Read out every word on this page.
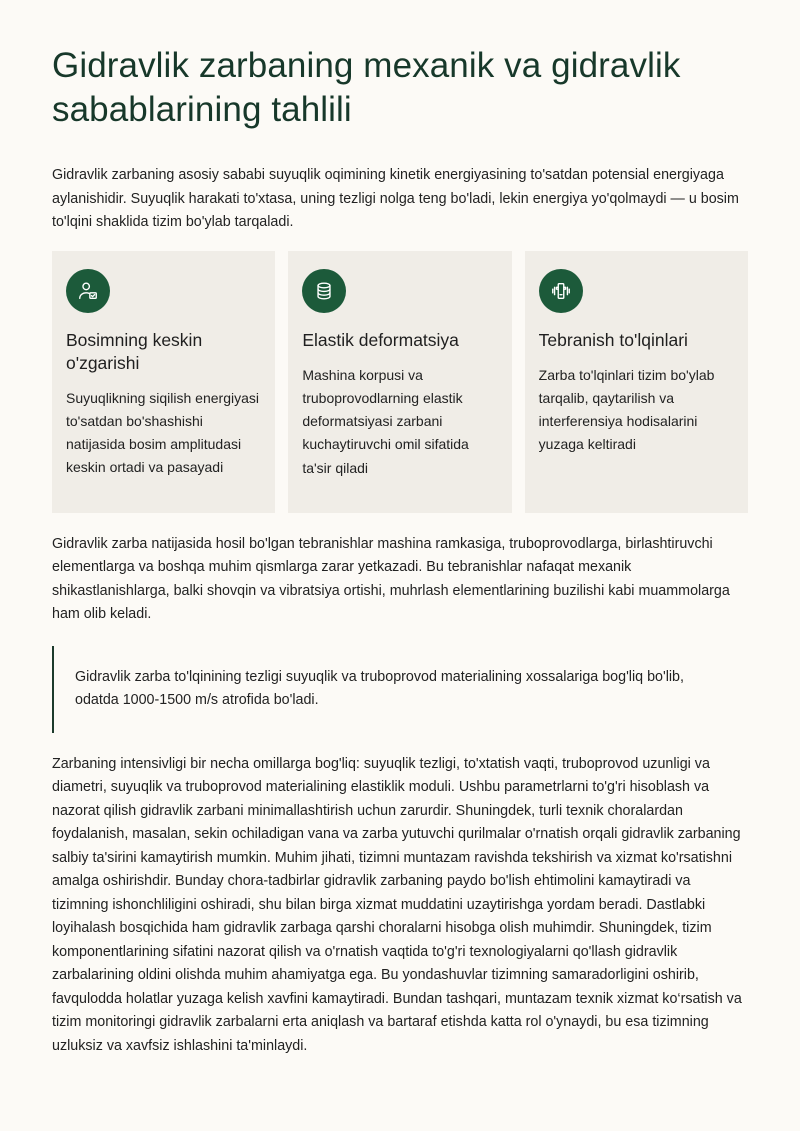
Gidravlik zarbaning mexanik va gidravlik sabablarining tahlili

Gidravlik zarbaning asosiy sababi suyuqlik oqimining kinetik energiyasining to'satdan potensial energiyaga aylanishidir. Suyuqlik harakati to'xtasa, uning tezligi nolga teng bo'ladi, lekin energiya yo'qolmaydi — u bosim to'lqini shaklida tizim bo'ylab tarqaladi.

Bosimning keskin o'zgarishi
Suyuqlikning siqilish energiyasi to'satdan bo'shashishi natijasida bosim amplitudasi keskin ortadi va pasayadi
Elastik deformatsiya
Mashina korpusi va truboprovodlarning elastik deformatsiyasi zarbani kuchaytiruvchi omil sifatida ta'sir qiladi
Tebranish to'lqinlari
Zarba to'lqinlari tizim bo'ylab tarqalib, qaytarilish va interferensiya hodisalarini yuzaga keltiradi

Gidravlik zarba natijasida hosil bo'lgan tebranishlar mashina ramkasiga, truboprovodlarga, birlashtiruvchi elementlarga va boshqa muhim qismlarga zarar yetkazadi. Bu tebranishlar nafaqat mexanik shikastlanishlarga, balki shovqin va vibratsiya ortishi, muhrlash elementlarining buzilishi kabi muammolarga ham olib keladi.

Gidravlik zarba to'lqinining tezligi suyuqlik va truboprovod materialining xossalariga bog'liq bo'lib, odatda 1000-1500 m/s atrofida bo'ladi.

Zarbaning intensivligi bir necha omillarga bog'liq: suyuqlik tezligi, to'xtatish vaqti, truboprovod uzunligi va diametri, suyuqlik va truboprovod materialining elastiklik moduli. Ushbu parametrlarni to'g'ri hisoblash va nazorat qilish gidravlik zarbani minimallashtirish uchun zarurdir. Shuningdek, turli texnik choralardan foydalanish, masalan, sekin ochiladigan vana va zarba yutuvchi qurilmalar o'rnatish orqali gidravlik zarbaning salbiy ta'sirini kamaytirish mumkin. Muhim jihati, tizimni muntazam ravishda tekshirish va xizmat ko'rsatishni amalga oshirishdir. Bunday chora-tadbirlar gidravlik zarbaning paydo bo'lish ehtimolini kamaytiradi va tizimning ishonchliligini oshiradi, shu bilan birga xizmat muddatini uzaytirishga yordam beradi. Dastlabki loyihalash bosqichida ham gidravlik zarbaga qarshi choralarni hisobga olish muhimdir. Shuningdek, tizim komponentlarining sifatini nazorat qilish va o'rnatish vaqtida to'g'ri texnologiyalarni qo'llash gidravlik zarbalarining oldini olishda muhim ahamiyatga ega. Bu yondashuvlar tizimning samaradorligini oshirib, favqulodda holatlar yuzaga kelish xavfini kamaytiradi. Bundan tashqari, muntazam texnik xizmat ko‘rsatish va tizim monitoringi gidravlik zarbalarni erta aniqlash va bartaraf etishda katta rol o'ynaydi, bu esa tizimning uzluksiz va xavfsiz ishlashini ta'minlaydi.
